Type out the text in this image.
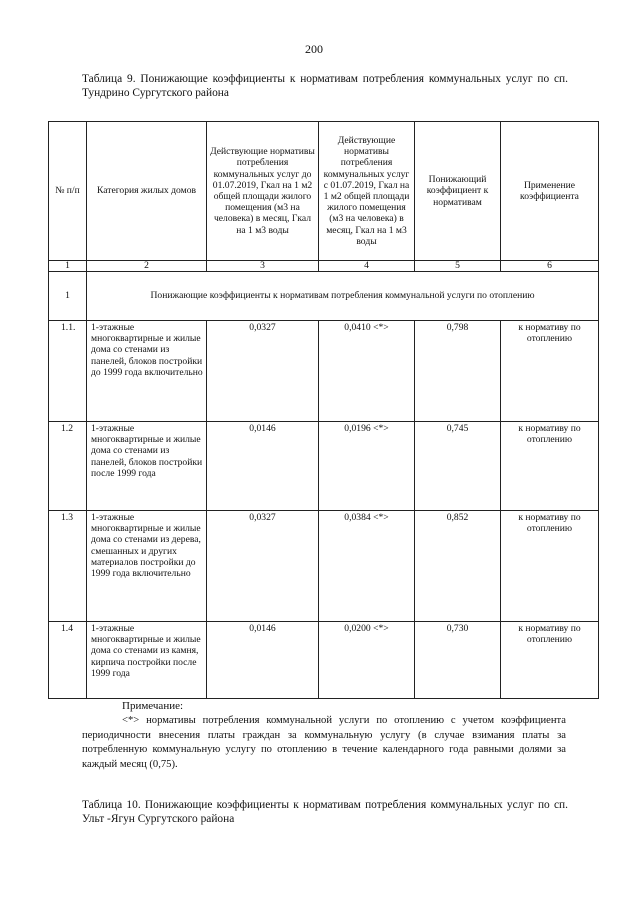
200
Таблица 9. Понижающие коэффициенты к нормативам потребления коммунальных услуг по сп. Тундрино Сургутского района
№ п/п	Категория жилых домов	Действующие нормативы потребления коммунальных услуг до 01.07.2019, Гкал на 1 м2 общей площади жилого помещения (м3 на человека) в месяц, Гкал на 1 м3 воды	Действующие нормативы потребления коммунальных услуг с 01.07.2019, Гкал на 1 м2 общей площади жилого помещения (м3 на человека) в месяц, Гкал на 1 м3 воды	Понижающий коэффициент к нормативам	Применение коэффициента
1	2	3	4	5	6
1	Понижающие коэффициенты к нормативам потребления коммунальной услуги по отоплению				
1.1.	1-этажные многоквартирные и жилые дома со стенами из панелей, блоков постройки до 1999 года включительно	0,0327	0,0410 <*>	0,798	к нормативу по отоплению
1.2	1-этажные многоквартирные и жилые дома со стенами из панелей, блоков постройки после 1999 года	0,0146	0,0196 <*>	0,745	к нормативу по отоплению
1.3	1-этажные многоквартирные и жилые дома со стенами из дерева, смешанных и других материалов постройки до 1999 года включительно	0,0327	0,0384 <*>	0,852	к нормативу по отоплению
1.4	1-этажные многоквартирные и жилые дома со стенами из камня, кирпича постройки после 1999 года	0,0146	0,0200 <*>	0,730	к нормативу по отоплению
Примечание:
<*> нормативы потребления коммунальной услуги по отоплению с учетом коэффициента периодичности внесения платы граждан за коммунальную услугу (в случае взимания платы за потребленную коммунальную услугу по отоплению в течение календарного года равными долями за каждый месяц (0,75).
Таблица 10. Понижающие коэффициенты к нормативам потребления коммунальных услуг по сп. Ульт -Ягун Сургутского района
